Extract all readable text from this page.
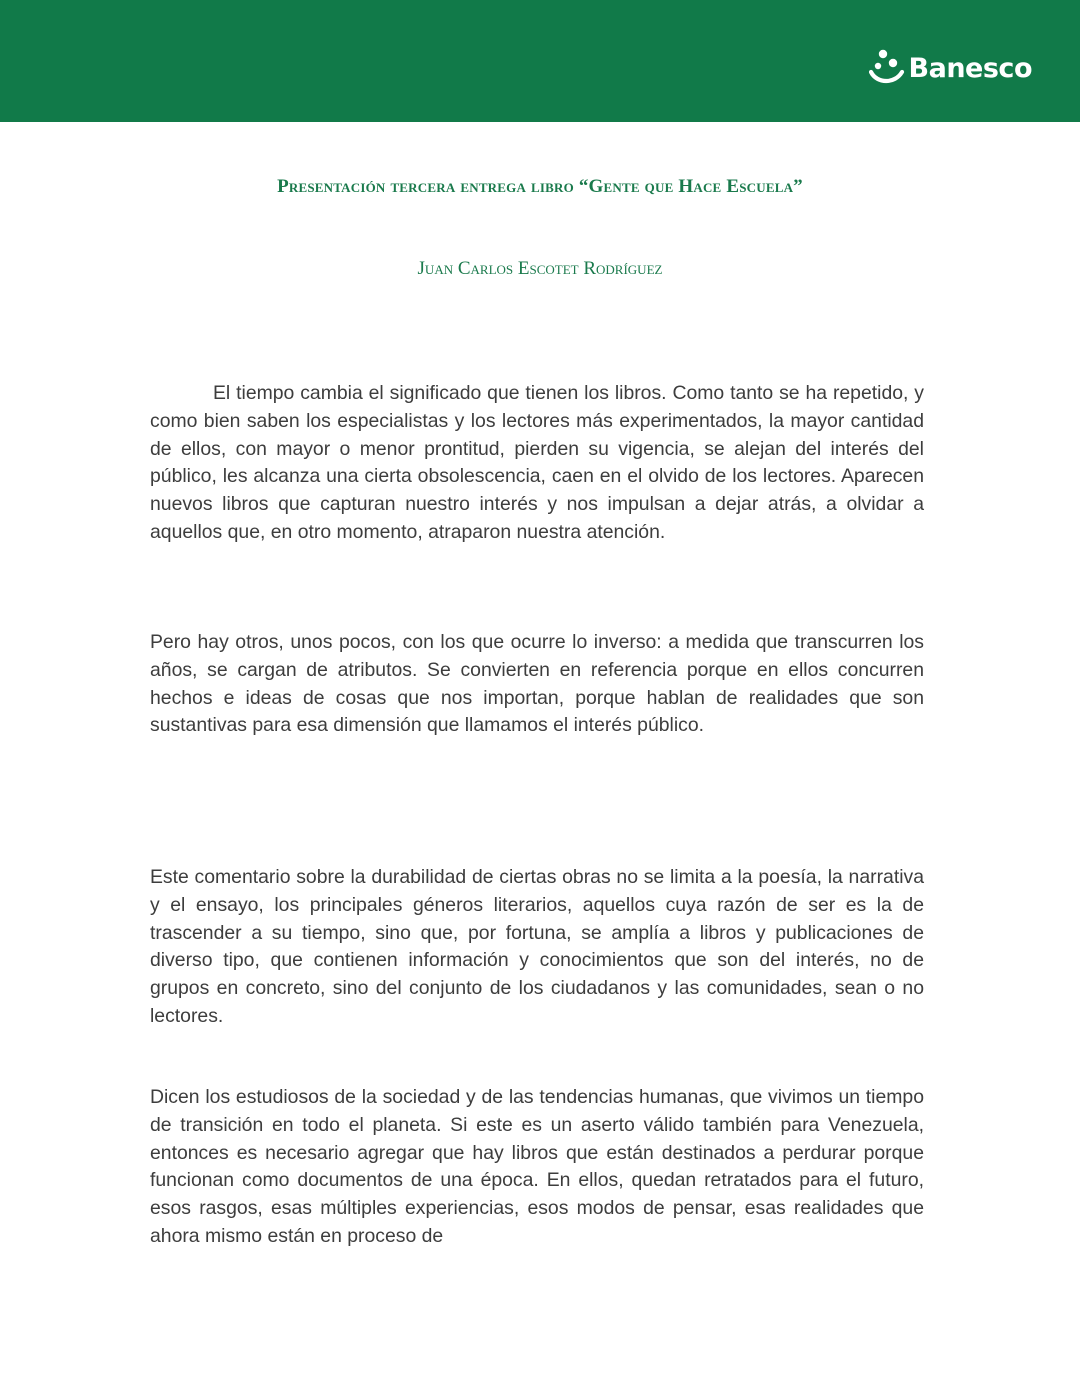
Banesco
Presentación tercera entrega libro “Gente que Hace Escuela”
Juan Carlos Escotet Rodríguez

El tiempo cambia el significado que tienen los libros. Como tanto se ha repetido, y como bien saben los especialistas y los lectores más experimentados, la mayor cantidad de ellos, con mayor o menor prontitud, pierden su vigencia, se alejan del interés del público, les alcanza una cierta obsolescencia, caen en el olvido de los lectores. Aparecen nuevos libros que capturan nuestro interés y nos impulsan a dejar atrás, a olvidar a aquellos que, en otro momento, atraparon nuestra atención.

Pero hay otros, unos pocos, con los que ocurre lo inverso: a medida que transcurren los años, se cargan de atributos. Se convierten en referencia porque en ellos concurren hechos e ideas de cosas que nos importan, porque hablan de realidades que son sustantivas para esa dimensión que llamamos el interés público.

Este comentario sobre la durabilidad de ciertas obras no se limita a la poesía, la narrativa y el ensayo, los principales géneros literarios, aquellos cuya razón de ser es la de trascender a su tiempo, sino que, por fortuna, se amplía a libros y publicaciones de diverso tipo, que contienen información y conocimientos que son del interés, no de grupos en concreto, sino del conjunto de los ciudadanos y las comunidades, sean o no lectores.

Dicen los estudiosos de la sociedad y de las tendencias humanas, que vivimos un tiempo de transición en todo el planeta. Si este es un aserto válido también para Venezuela, entonces es necesario agregar que hay libros que están destinados a perdurar porque funcionan como documentos de una época. En ellos, quedan retratados para el futuro, esos rasgos, esas múltiples experiencias, esos modos de pensar, esas realidades que ahora mismo están en proceso de
